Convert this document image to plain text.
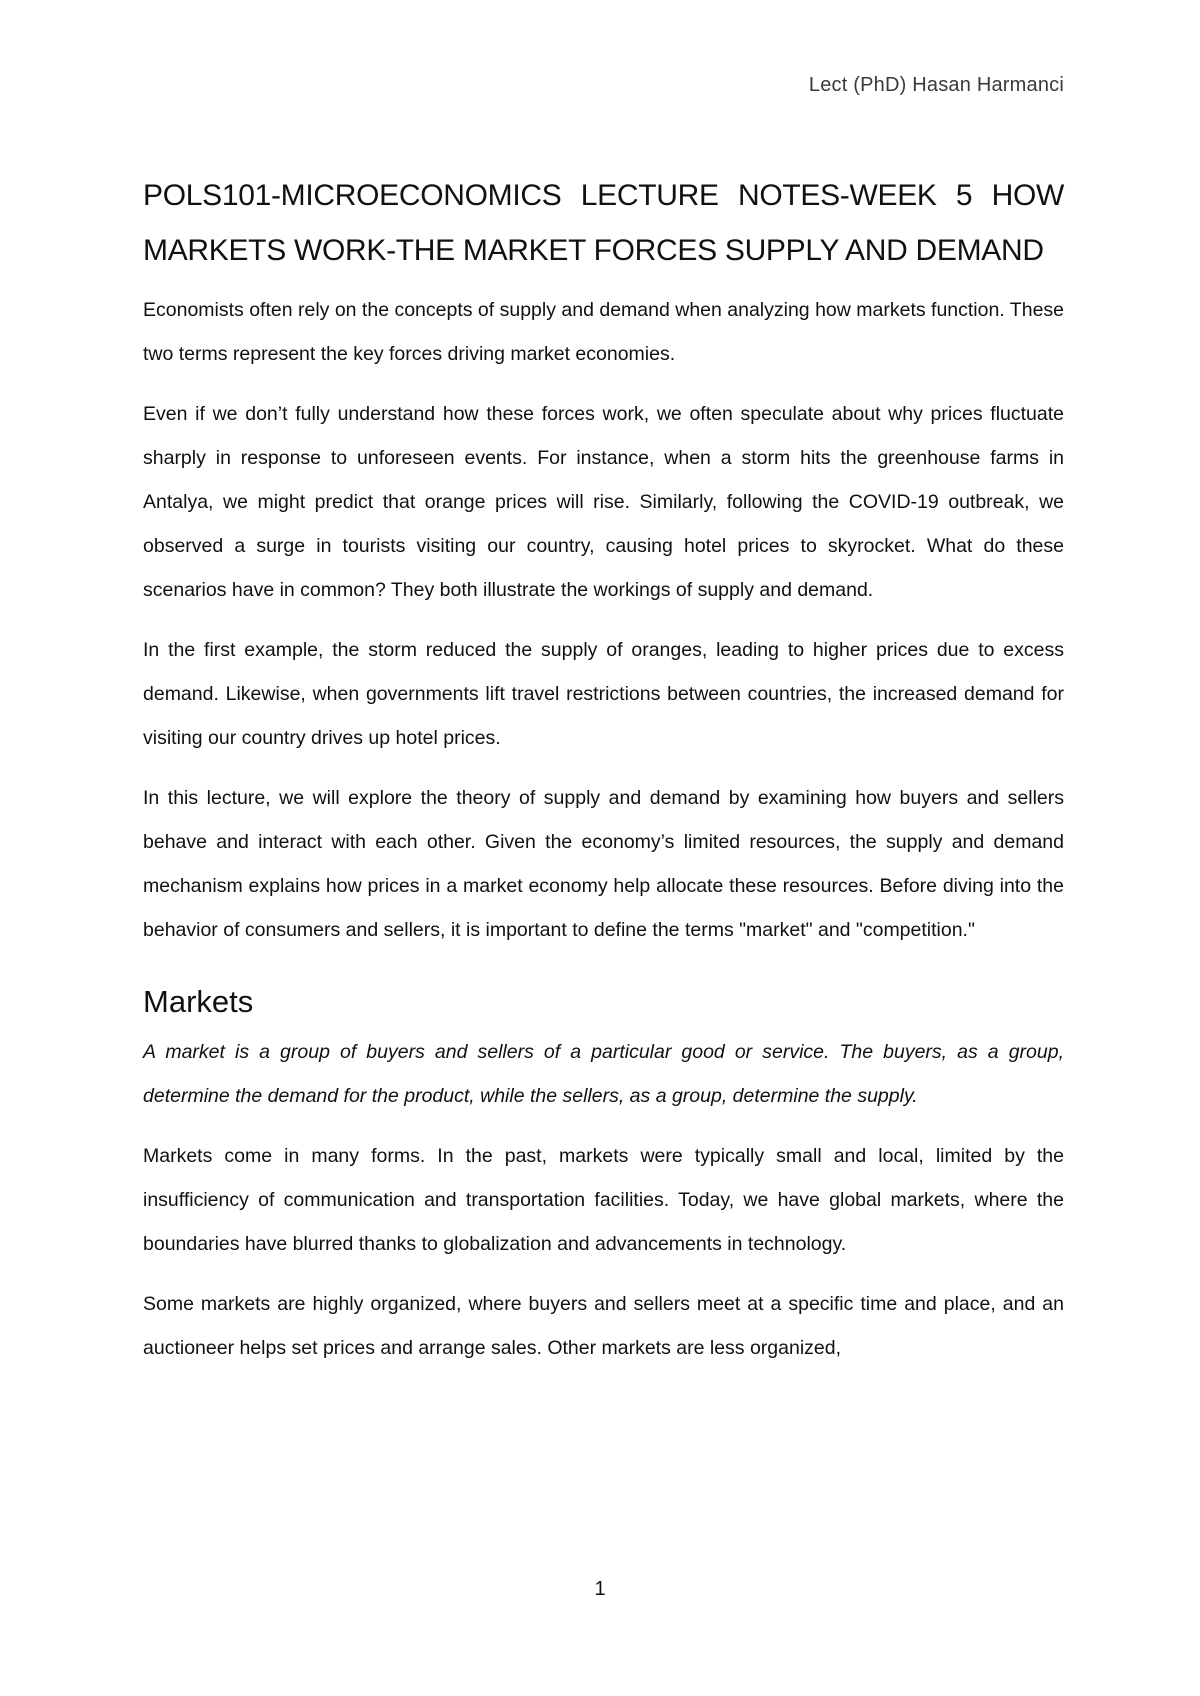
Lect (PhD) Hasan Harmanci
POLS101-MICROECONOMICS LECTURE NOTES-WEEK 5 HOW MARKETS WORK-THE MARKET FORCES SUPPLY AND DEMAND

Economists often rely on the concepts of supply and demand when analyzing how markets function. These two terms represent the key forces driving market economies.

Even if we don’t fully understand how these forces work, we often speculate about why prices fluctuate sharply in response to unforeseen events. For instance, when a storm hits the greenhouse farms in Antalya, we might predict that orange prices will rise. Similarly, following the COVID-19 outbreak, we observed a surge in tourists visiting our country, causing hotel prices to skyrocket. What do these scenarios have in common? They both illustrate the workings of supply and demand.

In the first example, the storm reduced the supply of oranges, leading to higher prices due to excess demand. Likewise, when governments lift travel restrictions between countries, the increased demand for visiting our country drives up hotel prices.

In this lecture, we will explore the theory of supply and demand by examining how buyers and sellers behave and interact with each other. Given the economy’s limited resources, the supply and demand mechanism explains how prices in a market economy help allocate these resources. Before diving into the behavior of consumers and sellers, it is important to define the terms "market" and "competition."

Markets

A market is a group of buyers and sellers of a particular good or service. The buyers, as a group, determine the demand for the product, while the sellers, as a group, determine the supply.

Markets come in many forms. In the past, markets were typically small and local, limited by the insufficiency of communication and transportation facilities. Today, we have global markets, where the boundaries have blurred thanks to globalization and advancements in technology.

Some markets are highly organized, where buyers and sellers meet at a specific time and place, and an auctioneer helps set prices and arrange sales. Other markets are less organized,

1
